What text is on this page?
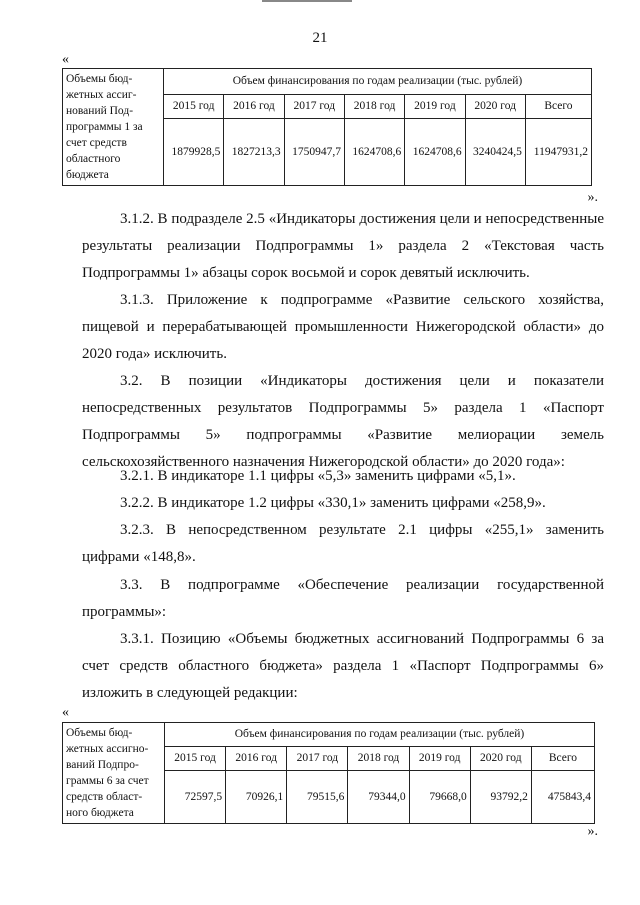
21
«
Объемы бюд-жетных ассиг-нований Под-программы 1 за счет средств областного бюджета	Объем финансирования по годам реализации (тыс. рублей)						
	2015 год	2016 год	2017 год	2018 год	2019 год	2020 год	Всего
	1879928,5	1827213,3	1750947,7	1624708,6	1624708,6	3240424,5	11947931,2
».

3.1.2. В подразделе 2.5 «Индикаторы достижения цели и непосредственные результаты реализации Подпрограммы 1» раздела 2 «Текстовая часть Подпрограммы 1» абзацы сорок восьмой и сорок девятый исключить.

3.1.3. Приложение к подпрограмме «Развитие сельского хозяйства, пищевой и перерабатывающей промышленности Нижегородской области» до 2020 года» исключить.

3.2. В позиции «Индикаторы достижения цели и показатели непосредственных результатов Подпрограммы 5» раздела 1 «Паспорт Подпрограммы 5» подпрограммы «Развитие мелиорации земель сельскохозяйственного назначения Нижегородской области» до 2020 года»:

3.2.1. В индикаторе 1.1 цифры «5,3» заменить цифрами «5,1».

3.2.2. В индикаторе 1.2 цифры «330,1» заменить цифрами «258,9».

3.2.3. В непосредственном результате 2.1 цифры «255,1» заменить цифрами «148,8».

3.3. В подпрограмме «Обеспечение реализации государственной программы»:

3.3.1. Позицию «Объемы бюджетных ассигнований Подпрограммы 6 за счет средств областного бюджета» раздела 1 «Паспорт Подпрограммы 6» изложить в следующей редакции:

«
Объемы бюд-жетных ассигно-ваний Подпро-граммы 6 за счет средств област-ного бюджета	Объем финансирования по годам реализации (тыс. рублей)						
	2015 год	2016 год	2017 год	2018 год	2019 год	2020 год	Всего
	72597,5	70926,1	79515,6	79344,0	79668,0	93792,2	475843,4
».
